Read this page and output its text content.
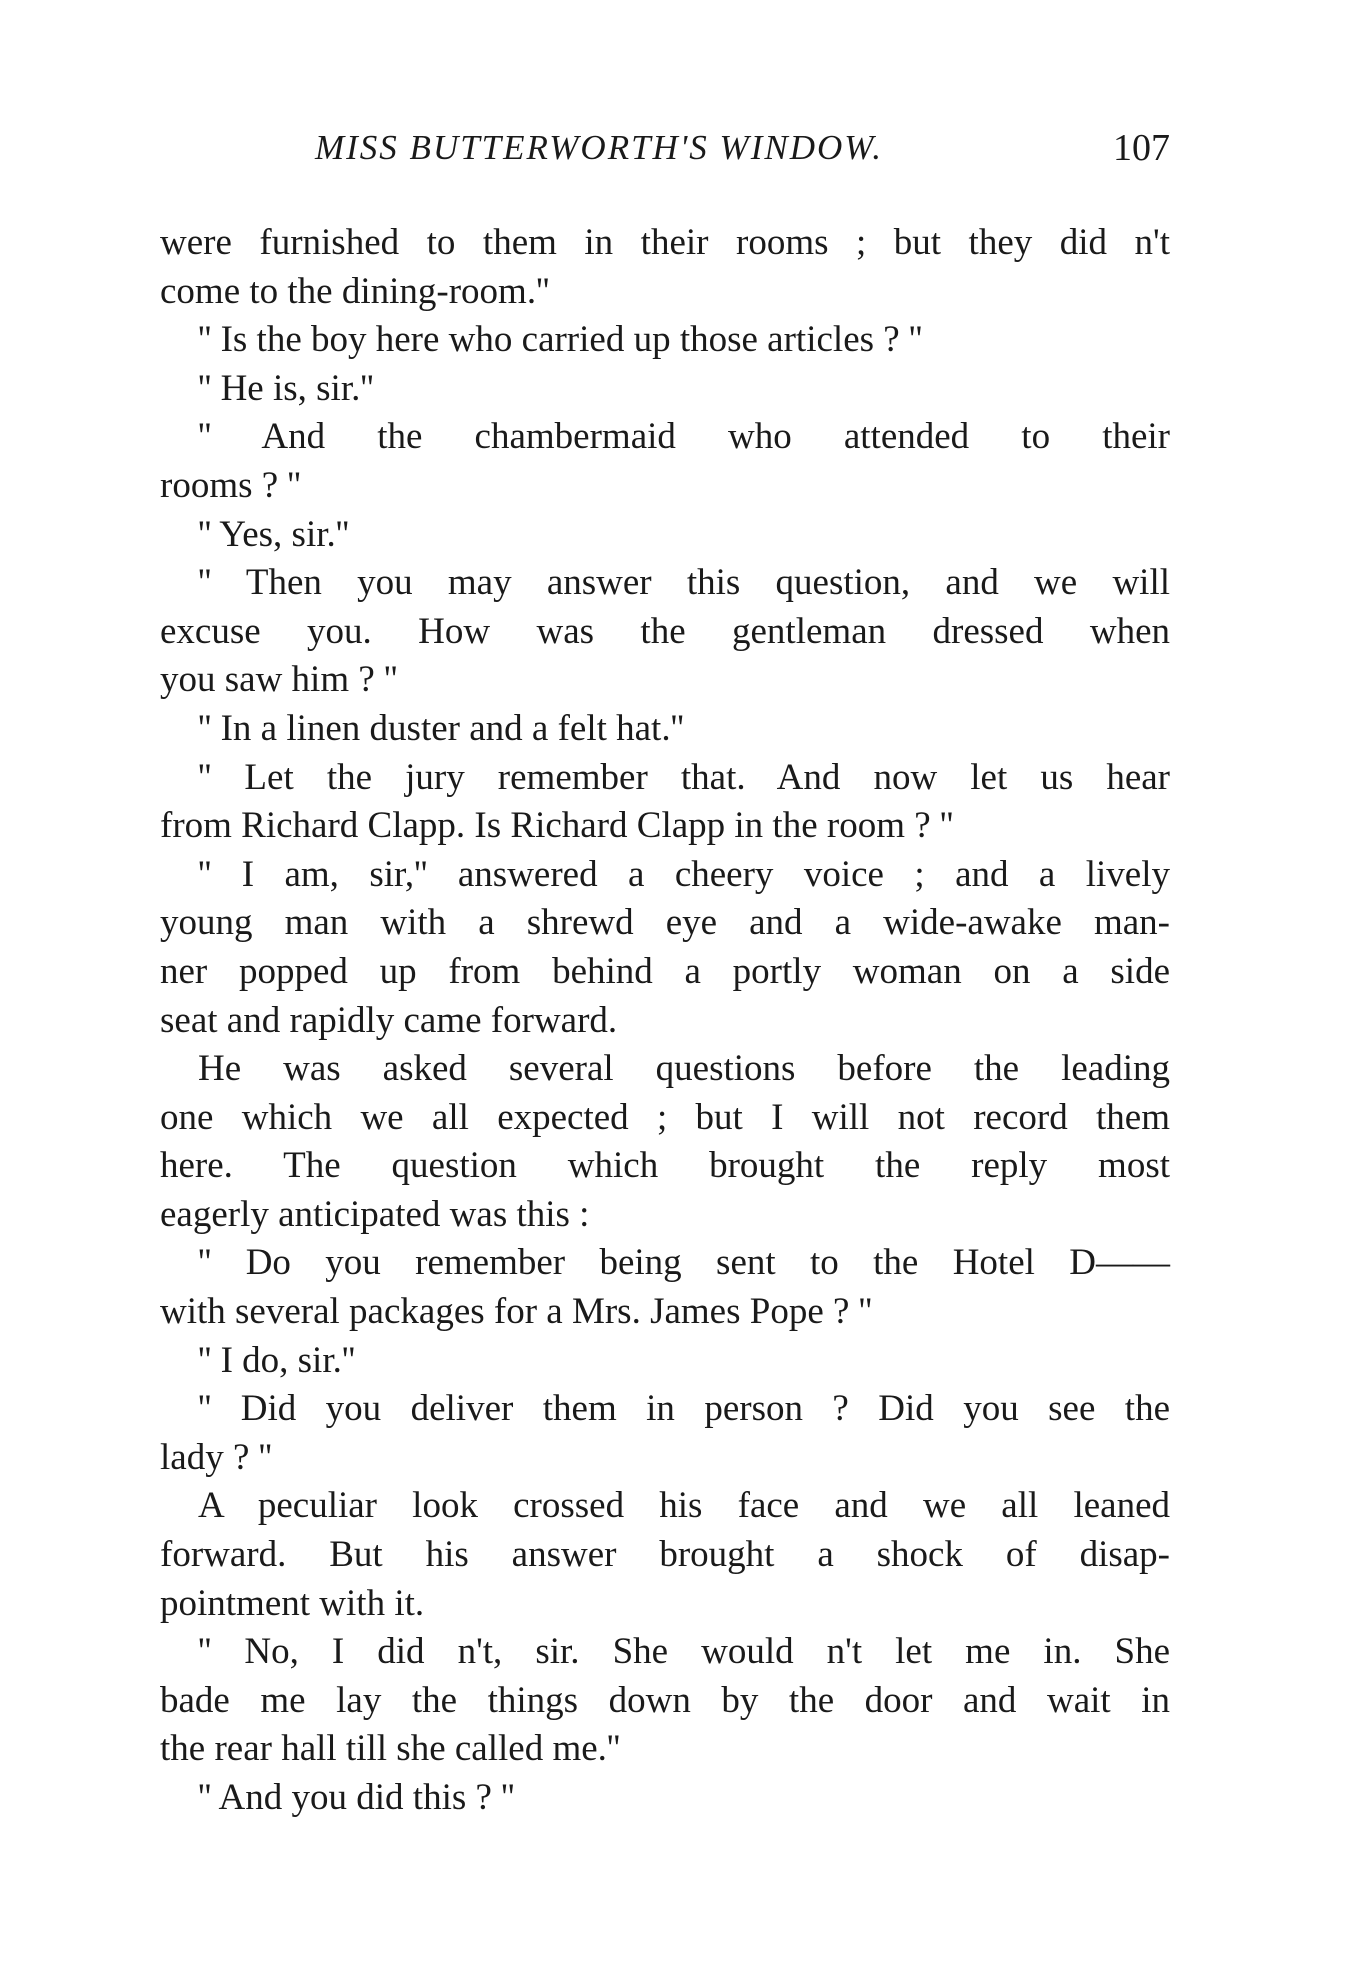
MISS BUTTERWORTH'S WINDOW.	107
were furnished to them in their rooms ; but they did n't
come to the dining-room.''
'' Is the boy here who carried up those articles ? ''
'' He is, sir.''
'' And the chambermaid who attended to their
rooms ? ''
'' Yes, sir.''
'' Then you may answer this question, and we will
excuse you. How was the gentleman dressed when
you saw him ? ''
'' In a linen duster and a felt hat.''
'' Let the jury remember that. And now let us hear
from Richard Clapp. Is Richard Clapp in the room ? ''
'' I am, sir,'' answered a cheery voice ; and a lively
young man with a shrewd eye and a wide-awake man-
ner popped up from behind a portly woman on a side
seat and rapidly came forward.
He was asked several questions before the leading
one which we all expected ; but I will not record them
here. The question which brought the reply most
eagerly anticipated was this :
'' Do you remember being sent to the Hotel D——
with several packages for a Mrs. James Pope ? ''
'' I do, sir.''
'' Did you deliver them in person ? Did you see the
lady ? ''
A peculiar look crossed his face and we all leaned
forward. But his answer brought a shock of disap-
pointment with it.
'' No, I did n't, sir. She would n't let me in. She
bade me lay the things down by the door and wait in
the rear hall till she called me.''
'' And you did this ? ''
